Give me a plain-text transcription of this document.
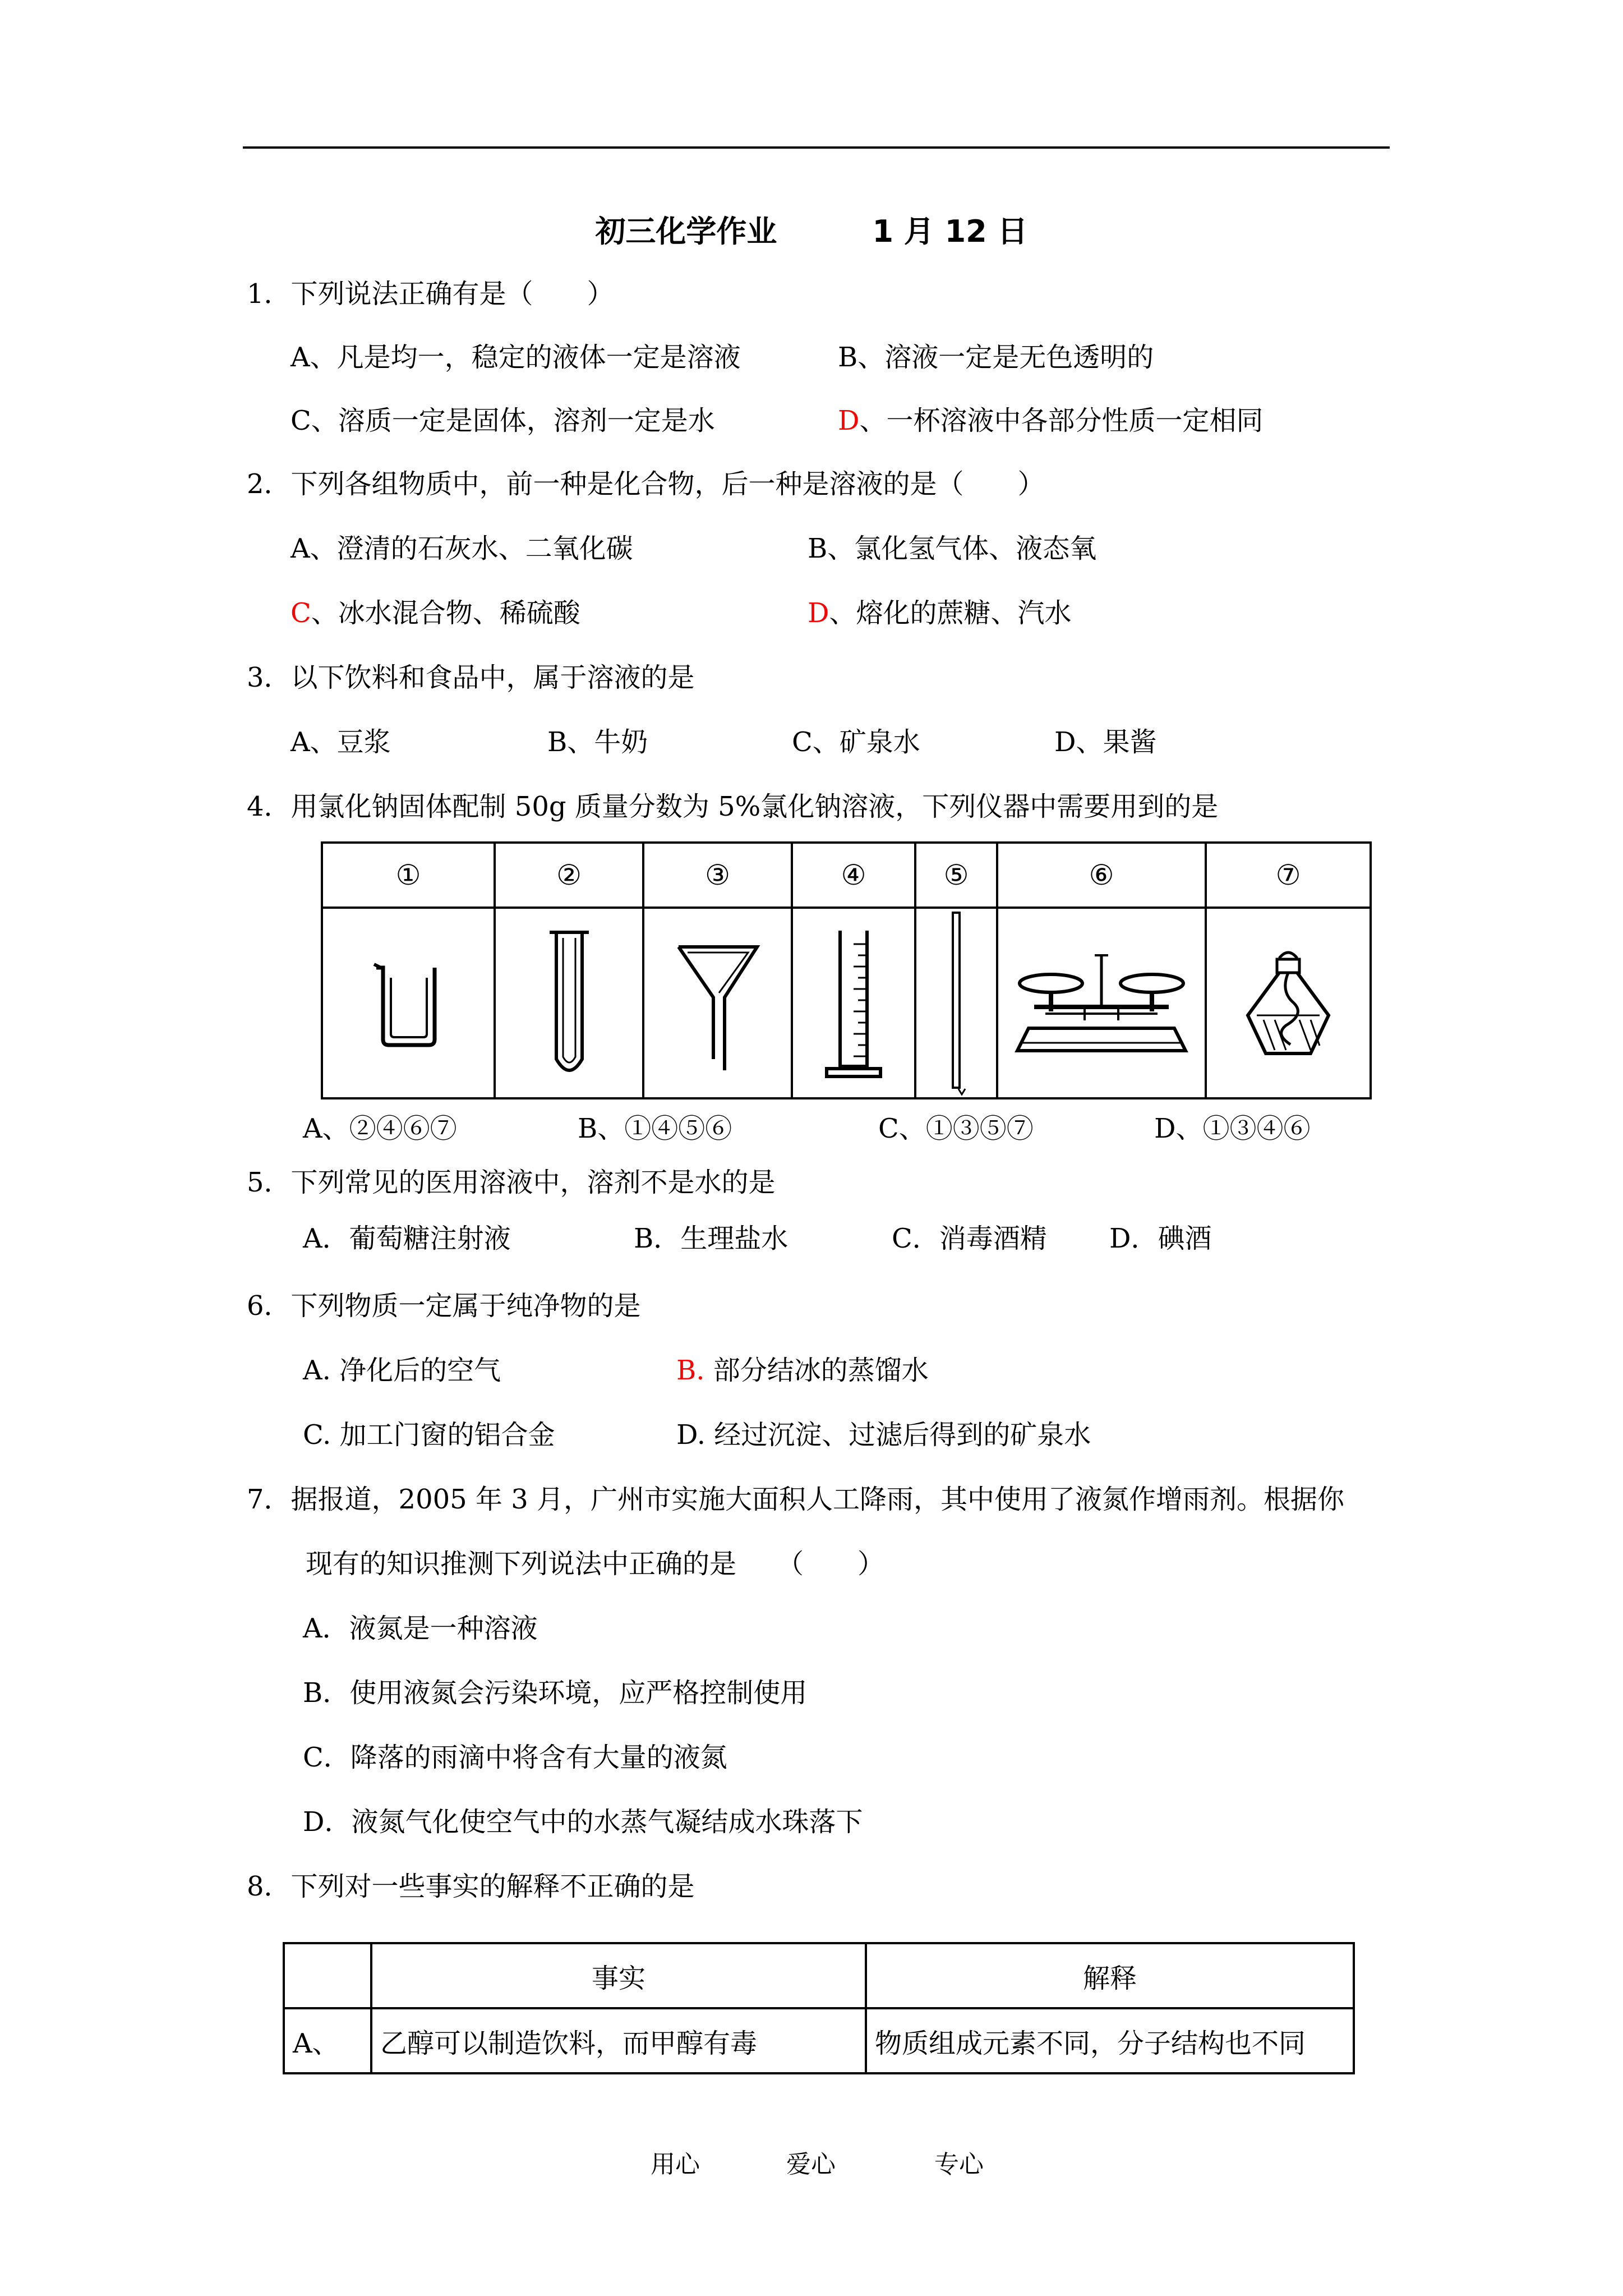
初三化学作业	1 月 12 日
1．下列说法正确有是（　　）
A、凡是均一，稳定的液体一定是溶液	B、溶液一定是无色透明的
C、溶质一定是固体，溶剂一定是水	D、一杯溶液中各部分性质一定相同
2．下列各组物质中，前一种是化合物，后一种是溶液的是（　　）
A、澄清的石灰水、二氧化碳	B、氯化氢气体、液态氧
C、冰水混合物、稀硫酸	D、熔化的蔗糖、汽水
3．以下饮料和食品中，属于溶液的是
A、豆浆	B、牛奶	C、矿泉水	D、果酱
4．用氯化钠固体配制 50g 质量分数为 5%氯化钠溶液，下列仪器中需要用到的是
①	②	③	④	⑤	⑥	⑦

A、②④⑥⑦	B、①④⑤⑥	C、①③⑤⑦	D、①③④⑥
5．下列常见的医用溶液中，溶剂不是水的是
A．葡萄糖注射液	B．生理盐水	C．消毒酒精 D．碘酒
6．下列物质一定属于纯净物的是
A. 净化后的空气	B. 部分结冰的蒸馏水
C. 加工门窗的铝合金	D. 经过沉淀、过滤后得到的矿泉水
7．据报道，2005 年 3 月，广州市实施大面积人工降雨，其中使用了液氮作增雨剂。根据你
现有的知识推测下列说法中正确的是　　（　　）
A．液氮是一种溶液
B．使用液氮会污染环境，应严格控制使用
C．降落的雨滴中将含有大量的液氮
D．液氮气化使空气中的水蒸气凝结成水珠落下
8．下列对一些事实的解释不正确的是
	事实	解释
A、	乙醇可以制造饮料，而甲醇有毒	物质组成元素不同，分子结构也不同
用心	爱心	专心
